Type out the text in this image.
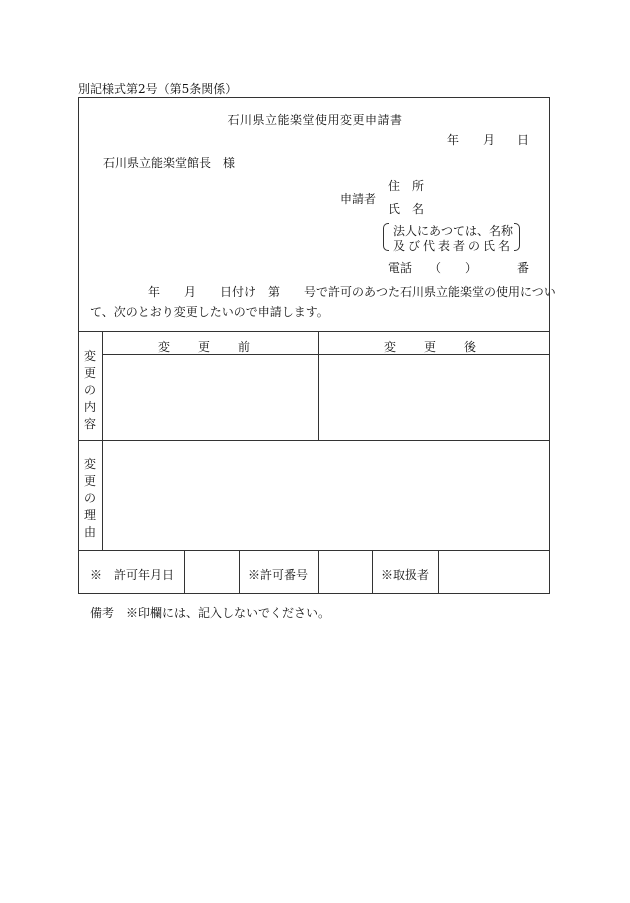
別記様式第2号（第5条関係）
石川県立能楽堂使用変更申請書
年 月 日
石川県立能楽堂館長　様
申請者
住　所
氏　名
法人にあつては、名称
及び代表者の氏名
電話 （　　）	番
年　　月　　日付け　第　　号で許可のあつた石川県立能楽堂の使用につい
て、次のとおり変更したいので申請します。
変
更
の
内
容
変更前	変更後
変
更
の
理
由
※　許可年月日	※許可番号	※取扱者
備考　※印欄には、記入しないでください。
